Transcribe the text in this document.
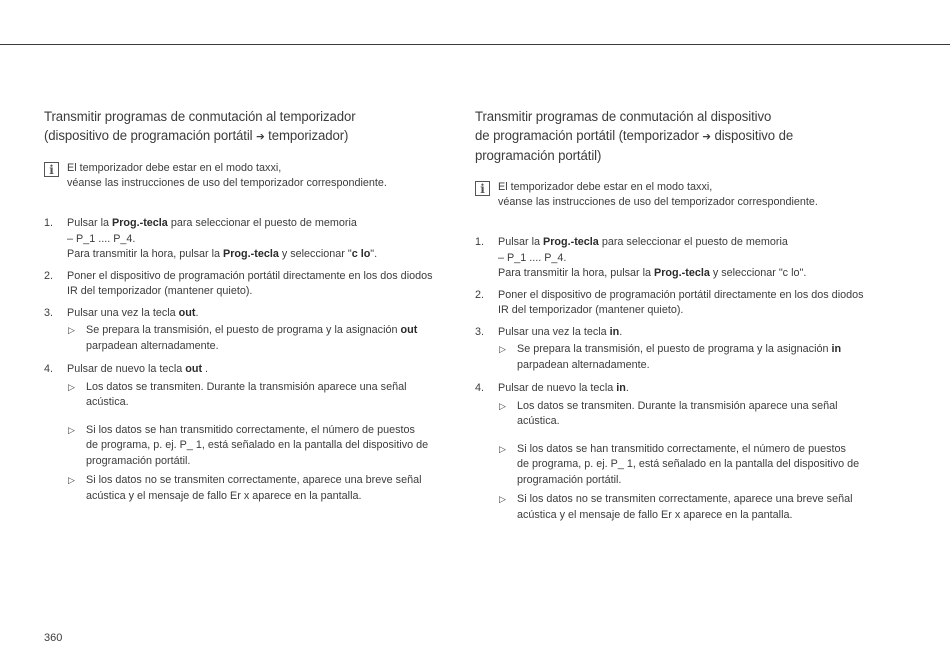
Transmitir programas de conmutación al temporizador
(dispositivo de programación portátil ➔ temporizador)
i	El temporizador debe estar en el modo taxxi,
véanse las instrucciones de uso del temporizador correspondiente.
1.	Pulsar la Prog.-tecla para seleccionar el puesto de memoria
– P_1 .... P_4.
Para transmitir la hora, pulsar la Prog.-tecla y seleccionar "c lo".
2.	Poner el dispositivo de programación portátil directamente en los dos diodos
IR del temporizador (mantener quieto).
3.	Pulsar una vez la tecla out.
▷	Se prepara la transmisión, el puesto de programa y la asignación out
parpadean alternadamente.
4.	Pulsar de nuevo la tecla out .
▷	Los datos se transmiten. Durante la transmisión aparece una señal
acústica.
▷	Si los datos se han transmitido correctamente, el número de puestos
de programa, p. ej. P_ 1, está señalado en la pantalla del dispositivo de
programación portátil.
▷	Si los datos no se transmiten correctamente, aparece una breve señal
acústica y el mensaje de fallo Er x aparece en la pantalla.
Transmitir programas de conmutación al dispositivo
de programación portátil (temporizador ➔ dispositivo de
programación portátil)
i	El temporizador debe estar en el modo taxxi,
véanse las instrucciones de uso del temporizador correspondiente.
1.	Pulsar la Prog.-tecla para seleccionar el puesto de memoria
– P_1 .... P_4.
Para transmitir la hora, pulsar la Prog.-tecla y seleccionar "c lo".
2.	Poner el dispositivo de programación portátil directamente en los dos diodos
IR del temporizador (mantener quieto).
3.	Pulsar una vez la tecla in.
▷	Se prepara la transmisión, el puesto de programa y la asignación in
parpadean alternadamente.
4.	Pulsar de nuevo la tecla in.
▷	Los datos se transmiten. Durante la transmisión aparece una señal
acústica.
▷	Si los datos se han transmitido correctamente, el número de puestos
de programa, p. ej. P_ 1, está señalado en la pantalla del dispositivo de
programación portátil.
▷	Si los datos no se transmiten correctamente, aparece una breve señal
acústica y el mensaje de fallo Er x aparece en la pantalla.
360
